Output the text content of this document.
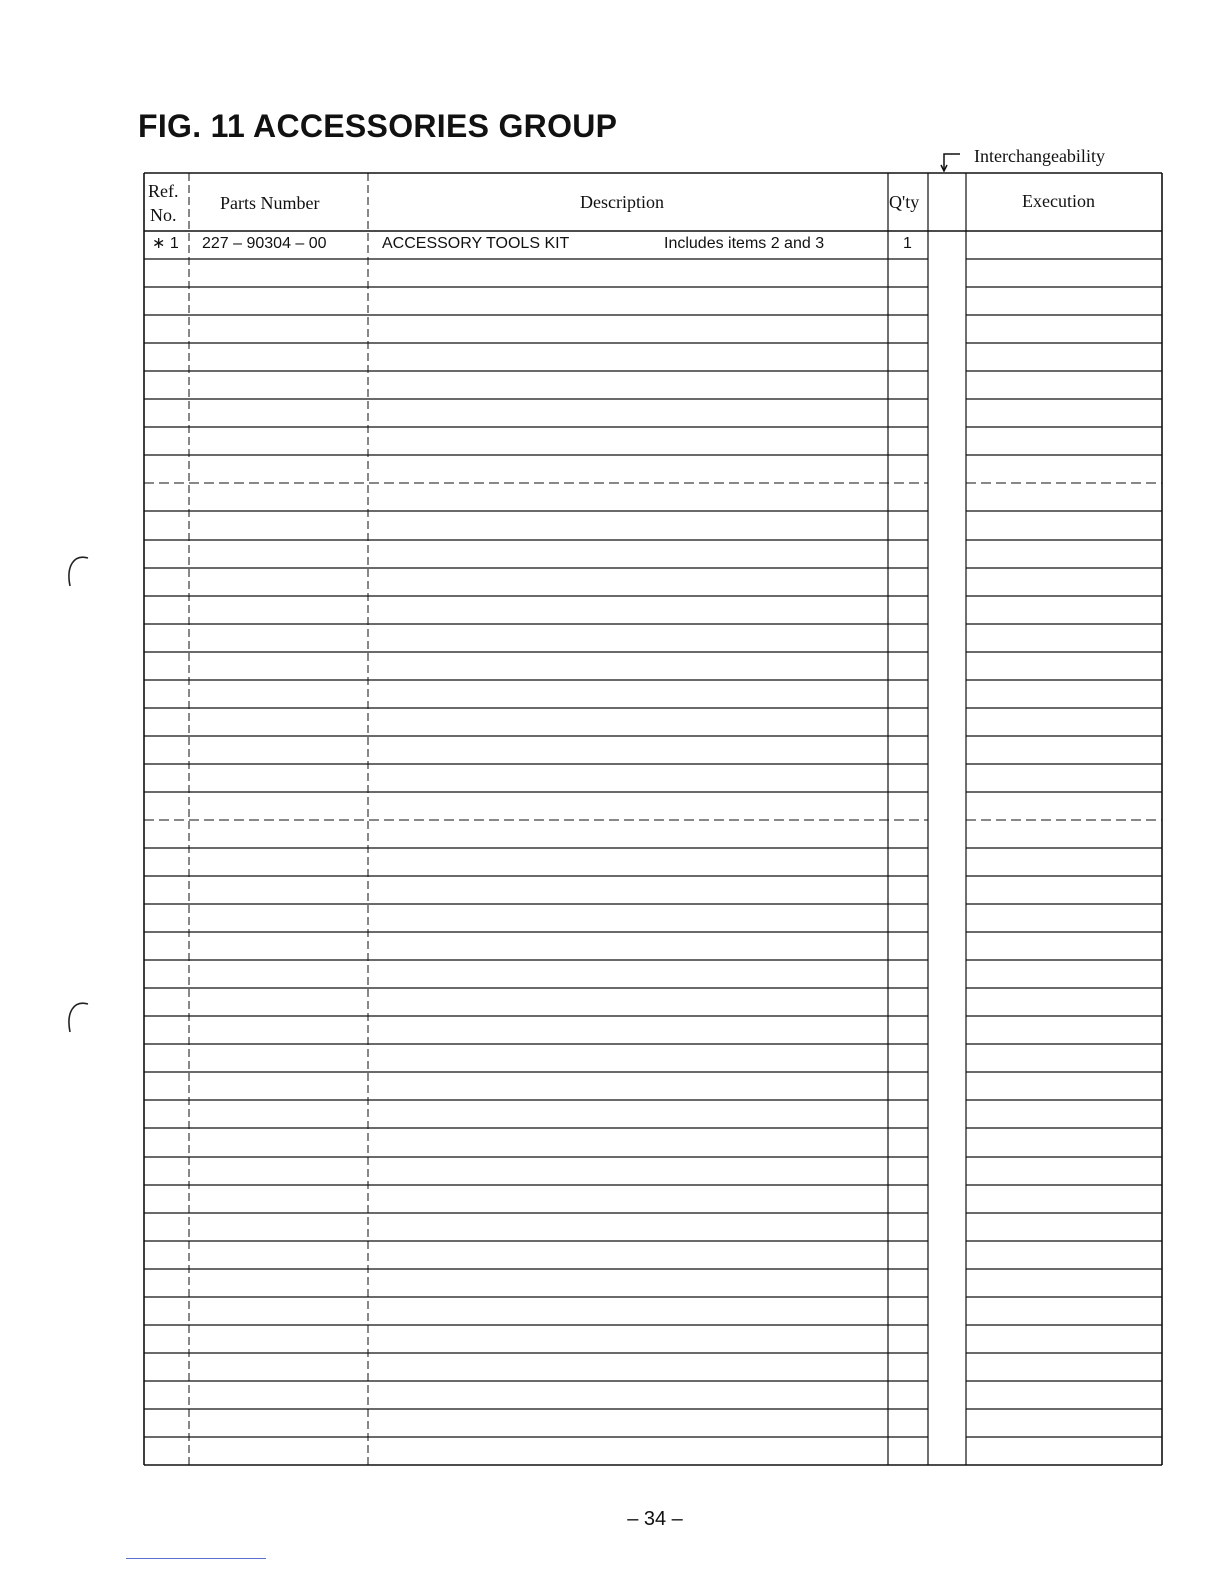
FIG. 11 ACCESSORIES GROUP
Interchangeability
Ref.
No.
Parts Number	Description	Q'ty	Execution
∗ 1 227 – 90304 – 00	ACCESSORY TOOLS KIT	Includes items 2 and 3	1
– 34 –
